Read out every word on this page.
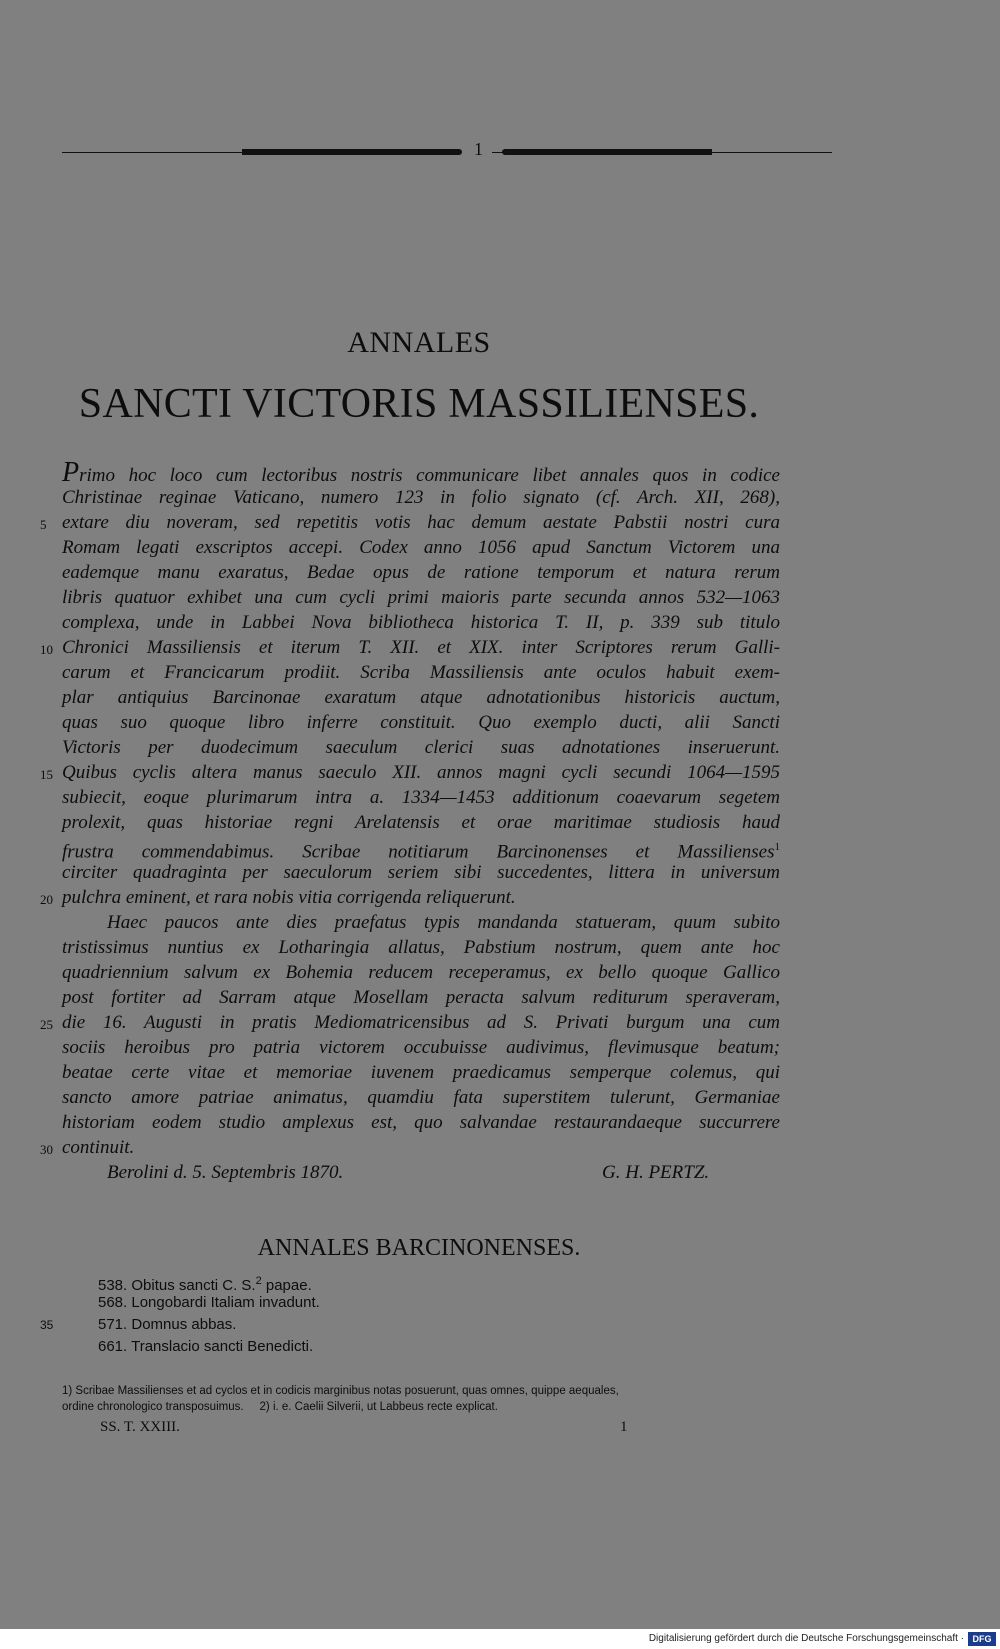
1
ANNALES
SANCTI VICTORIS MASSILIENSES.
Primo hoc loco cum lectoribus nostris communicare libet annales quos in codice
Christinae reginae Vaticano, numero 123 in folio signato (cf. Arch. XII, 268),
5 extare diu noveram, sed repetitis votis hac demum aestate Pabstii nostri cura
Romam legati exscriptos accepi. Codex anno 1056 apud Sanctum Victorem una
eademque manu exaratus, Bedae opus de ratione temporum et natura rerum
libris quatuor exhibet una cum cycli primi maioris parte secunda annos 532—1063
complexa, unde in Labbei Nova bibliotheca historica T. II, p. 339 sub titulo
10 Chronici Massiliensis et iterum T. XII. et XIX. inter Scriptores rerum Galli-
carum et Francicarum prodiit. Scriba Massiliensis ante oculos habuit exem-
plar antiquius Barcinonae exaratum atque adnotationibus historicis auctum,
quas suo quoque libro inferre constituit. Quo exemplo ducti, alii Sancti
Victoris per duodecimum saeculum clerici suas adnotationes inseruerunt.
15 Quibus cyclis altera manus saeculo XII. annos magni cycli secundi 1064—1595
subiecit, eoque plurimarum intra a. 1334—1453 additionum coaevarum segetem
prolexit, quas historiae regni Arelatensis et orae maritimae studiosis haud
frustra commendabimus. Scribae notitiarum Barcinonenses et Massilienses$^1$
circiter quadraginta per saeculorum seriem sibi succedentes, littera in universum
20 pulchra eminent, et rara nobis vitia corrigenda reliquerunt.
Haec paucos ante dies praefatus typis mandanda statueram, quum subito
tristissimus nuntius ex Lotharingia allatus, Pabstium nostrum, quem ante hoc
quadriennium salvum ex Bohemia reducem receperamus, ex bello quoque Gallico
post fortiter ad Sarram atque Mosellam peracta salvum rediturum speraveram,
25 die 16. Augusti in pratis Mediomatricensibus ad S. Privati burgum una cum
sociis heroibus pro patria victorem occubuisse audivimus, flevimusque beatum;
beatae certe vitae et memoriae iuvenem praedicamus semperque colemus, qui
sancto amore patriae animatus, quamdiu fata superstitem tulerunt, Germaniae
historiam eodem studio amplexus est, quo salvandae restaurandaeque succurrere
30 continuit.
Berolini d. 5. Septembris 1870.	G. H. PERTZ.
ANNALES BARCINONENSES.
538. Obitus sancti C. S.$^2$ papae.
568. Longobardi Italiam invadunt.
35	571. Domnus abbas.
661. Translacio sancti Benedicti.
1) Scribae Massilienses et ad cyclos et in codicis marginibus notas posuerunt, quas omnes, quippe aequales,
ordine chronologico transposuimus.     2) i. e. Caelii Silverii, ut Labbeus recte explicat.
SS. T. XXIII.	1
Digitalisierung gefördert durch die Deutsche Forschungsgemeinschaft · DFG
